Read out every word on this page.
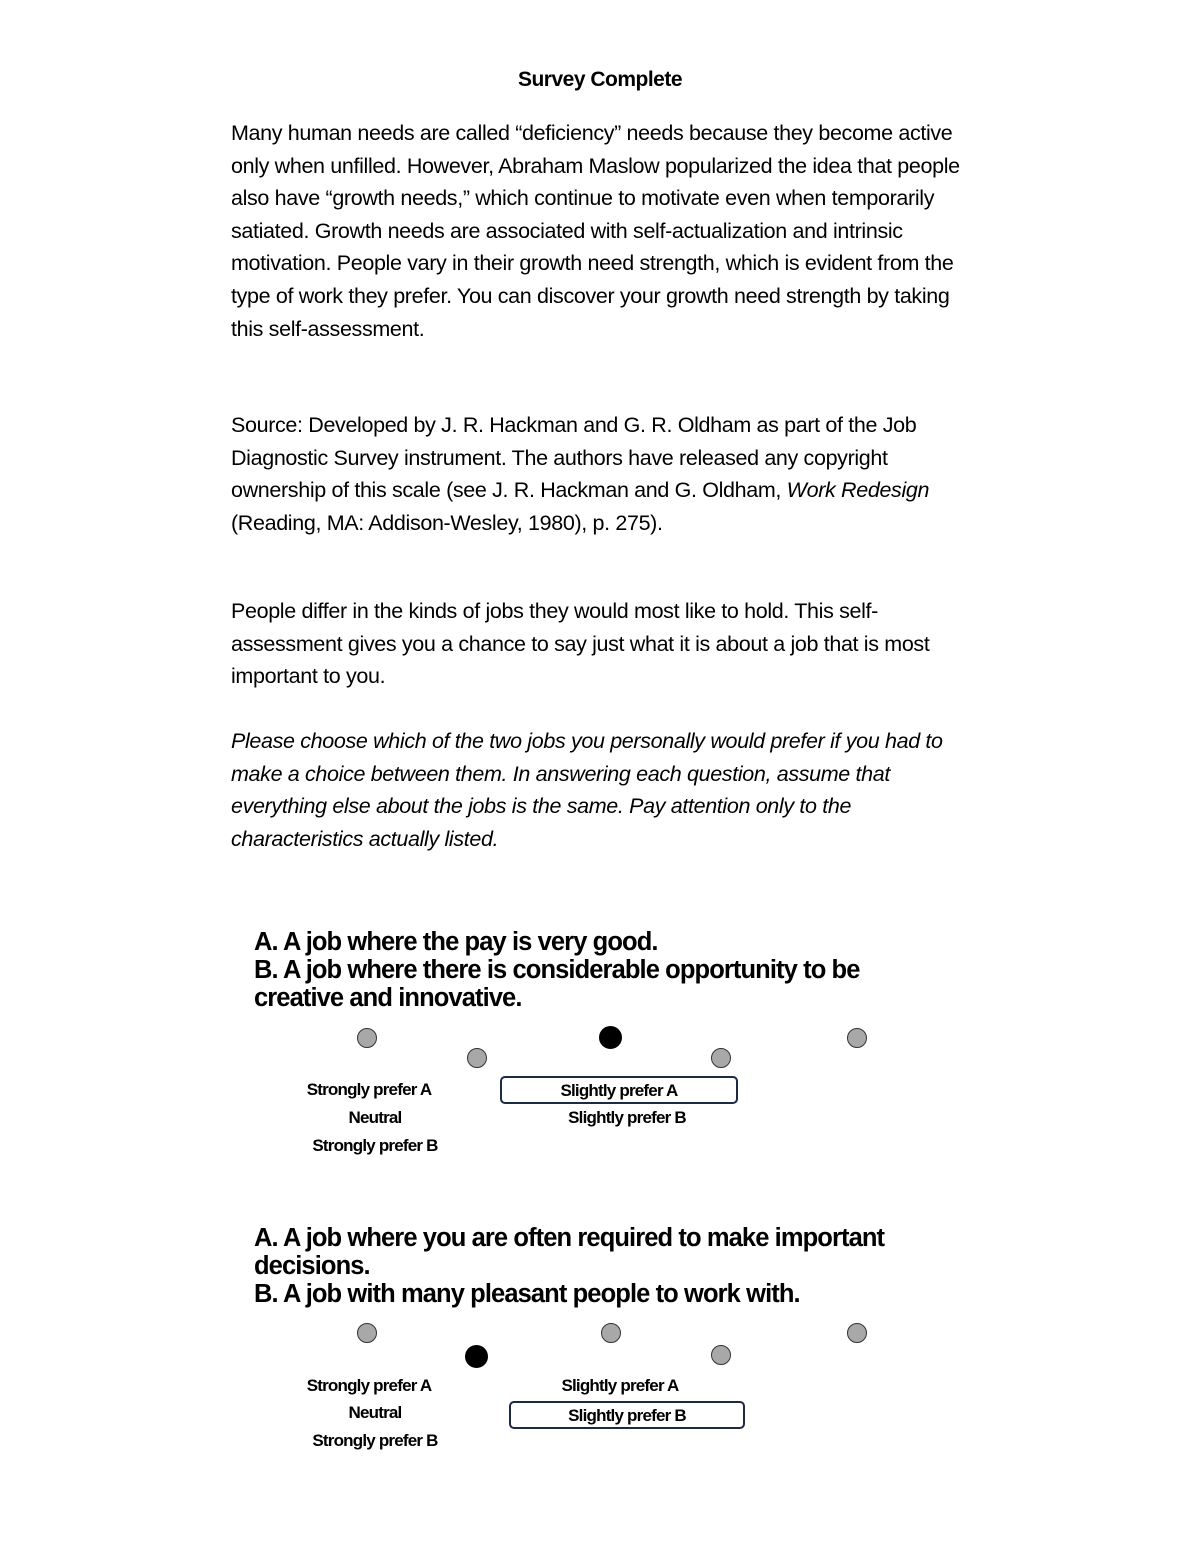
Survey Complete

Many human needs are called “deficiency” needs because they become active only when unfilled. However, Abraham Maslow popularized the idea that people also have “growth needs,” which continue to motivate even when temporarily satiated. Growth needs are associated with self-actualization and intrinsic motivation. People vary in their growth need strength, which is evident from the type of work they prefer. You can discover your growth need strength by taking this self-assessment.

Source: Developed by J. R. Hackman and G. R. Oldham as part of the Job Diagnostic Survey instrument. The authors have released any copyright ownership of this scale (see J. R. Hackman and G. Oldham, Work Redesign (Reading, MA: Addison-Wesley, 1980), p. 275).

People differ in the kinds of jobs they would most like to hold. This self-assessment gives you a chance to say just what it is about a job that is most important to you.

Please choose which of the two jobs you personally would prefer if you had to make a choice between them. In answering each question, assume that everything else about the jobs is the same. Pay attention only to the characteristics actually listed.

A. A job where the pay is very good.
B. A job where there is considerable opportunity to be creative and innovative.

Strongly prefer A	Slightly prefer A
Neutral	Slightly prefer B
Strongly prefer B

A. A job where you are often required to make important decisions.
B. A job with many pleasant people to work with.

Strongly prefer A	Slightly prefer A
Neutral	Slightly prefer B
Strongly prefer B
